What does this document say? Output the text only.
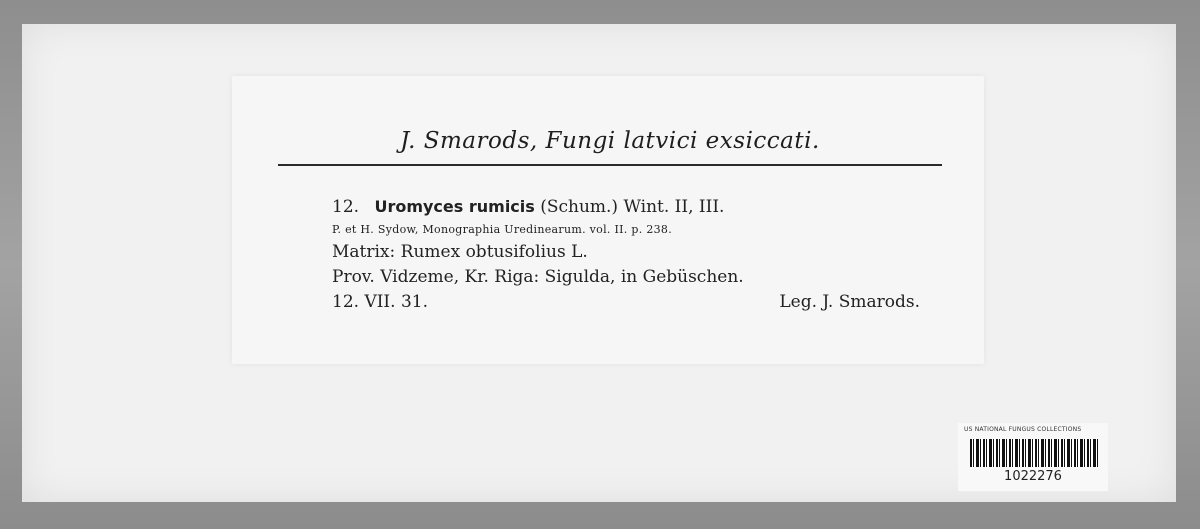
J. Smarods, Fungi latvici exsiccati.
12. Uromyces rumicis (Schum.) Wint. II, III.
P. et H. Sydow, Monographia Uredinearum. vol. II. p. 238.
Matrix: Rumex obtusifolius L.
Prov. Vidzeme, Kr. Riga: Sigulda, in Gebüschen.
12. VII. 31.	Leg. J. Smarods.
US NATIONAL FUNGUS COLLECTIONS
1022276
